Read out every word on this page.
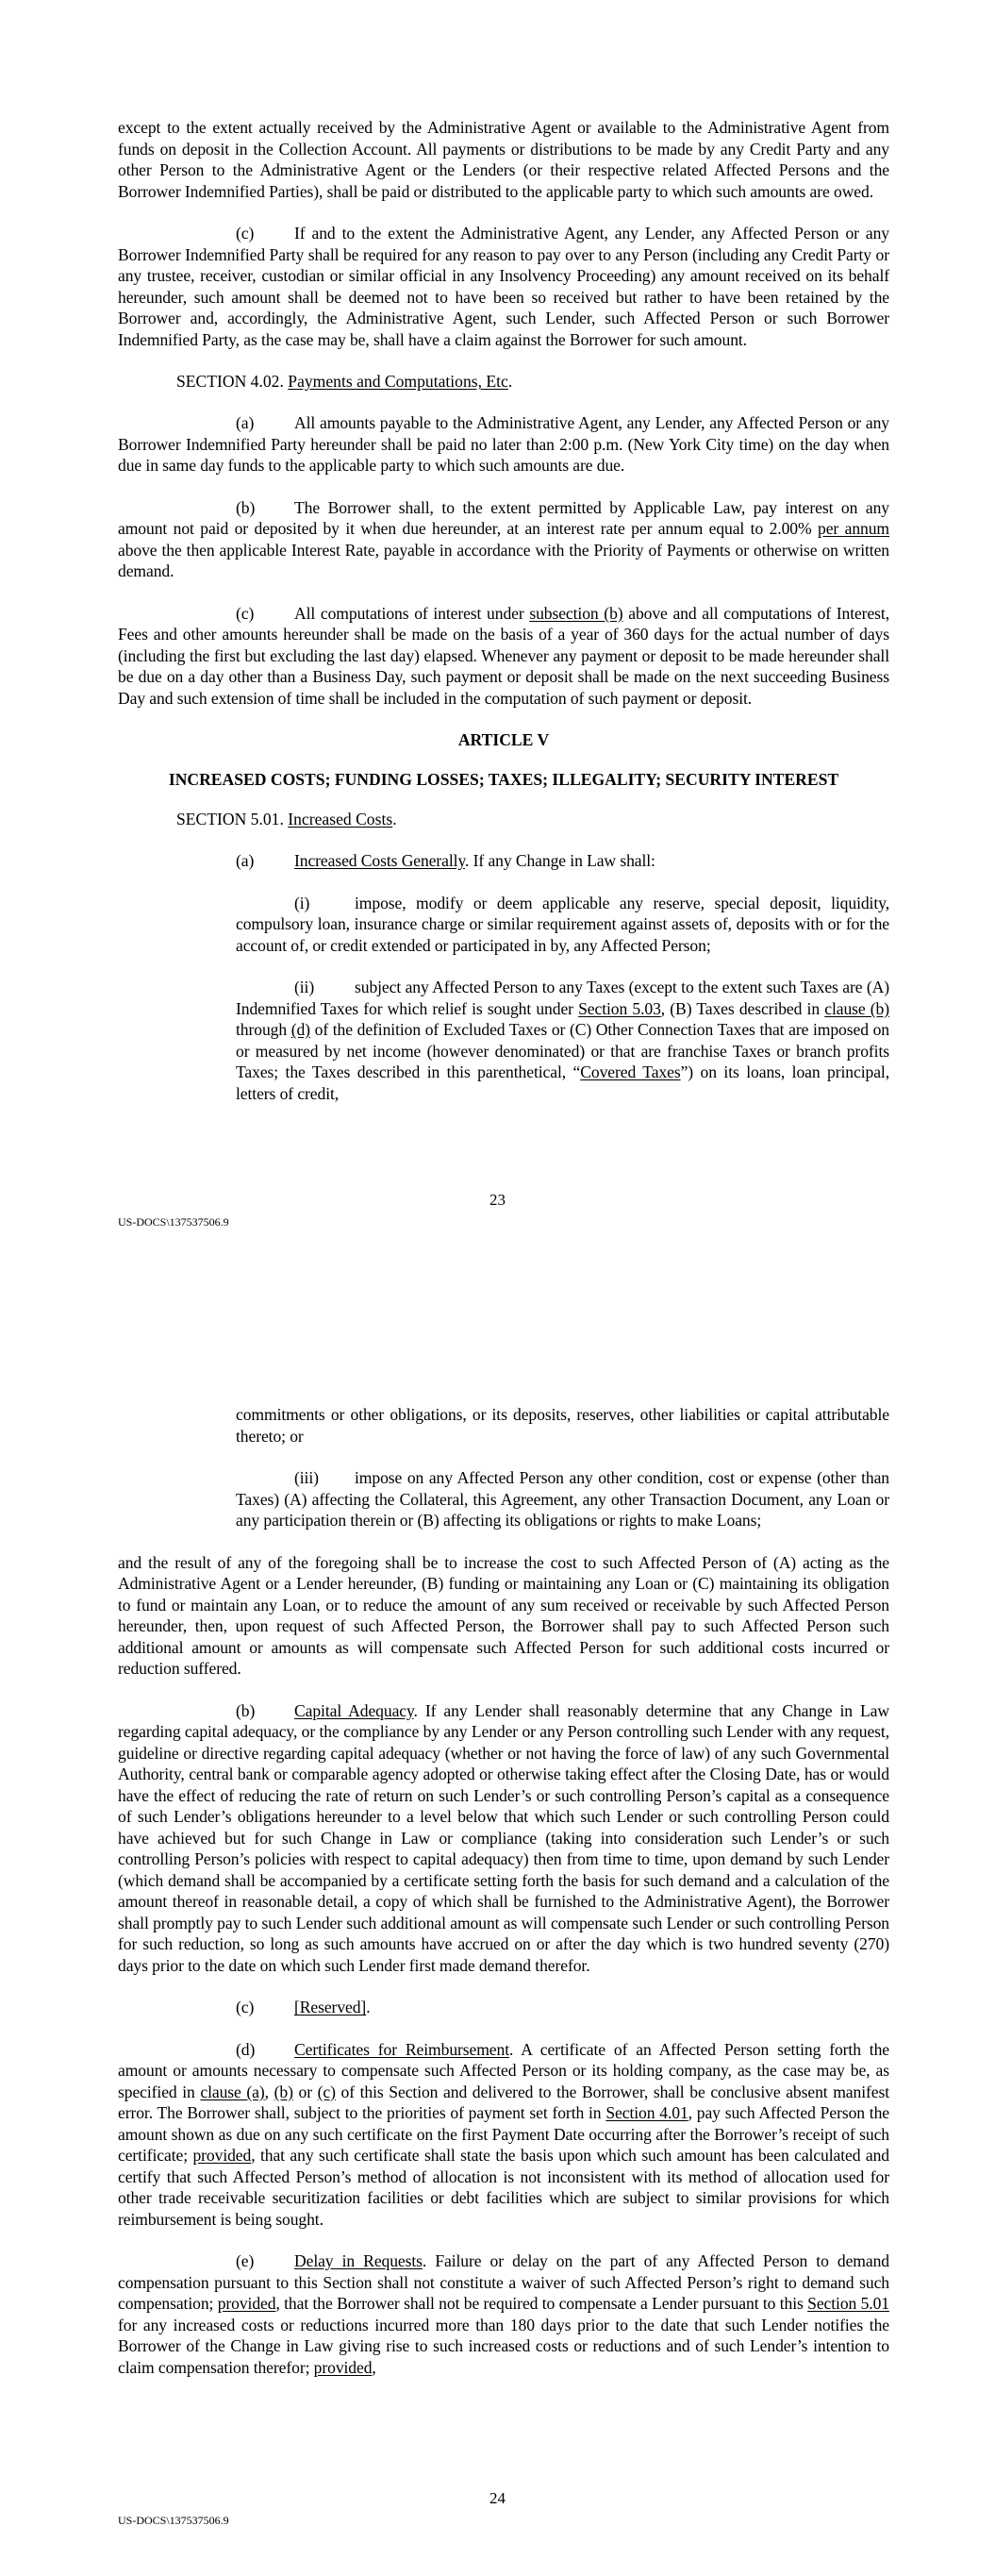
except to the extent actually received by the Administrative Agent or available to the Administrative Agent from funds on deposit in the Collection Account. All payments or distributions to be made by any Credit Party and any other Person to the Administrative Agent or the Lenders (or their respective related Affected Persons and the Borrower Indemnified Parties), shall be paid or distributed to the applicable party to which such amounts are owed.
(c) If and to the extent the Administrative Agent, any Lender, any Affected Person or any Borrower Indemnified Party shall be required for any reason to pay over to any Person (including any Credit Party or any trustee, receiver, custodian or similar official in any Insolvency Proceeding) any amount received on its behalf hereunder, such amount shall be deemed not to have been so received but rather to have been retained by the Borrower and, accordingly, the Administrative Agent, such Lender, such Affected Person or such Borrower Indemnified Party, as the case may be, shall have a claim against the Borrower for such amount.
SECTION 4.02. Payments and Computations, Etc.
(a) All amounts payable to the Administrative Agent, any Lender, any Affected Person or any Borrower Indemnified Party hereunder shall be paid no later than 2:00 p.m. (New York City time) on the day when due in same day funds to the applicable party to which such amounts are due.
(b) The Borrower shall, to the extent permitted by Applicable Law, pay interest on any amount not paid or deposited by it when due hereunder, at an interest rate per annum equal to 2.00% per annum above the then applicable Interest Rate, payable in accordance with the Priority of Payments or otherwise on written demand.
(c) All computations of interest under subsection (b) above and all computations of Interest, Fees and other amounts hereunder shall be made on the basis of a year of 360 days for the actual number of days (including the first but excluding the last day) elapsed. Whenever any payment or deposit to be made hereunder shall be due on a day other than a Business Day, such payment or deposit shall be made on the next succeeding Business Day and such extension of time shall be included in the computation of such payment or deposit.
ARTICLE V
INCREASED COSTS; FUNDING LOSSES; TAXES; ILLEGALITY; SECURITY INTEREST
SECTION 5.01. Increased Costs.
(a) Increased Costs Generally. If any Change in Law shall:
(i)	impose, modify or deem applicable any reserve, special deposit, liquidity, compulsory loan, insurance charge or similar requirement against assets of, deposits with or for the account of, or credit extended or participated in by, any Affected Person;
(ii) subject any Affected Person to any Taxes (except to the extent such Taxes are (A) Indemnified Taxes for which relief is sought under Section 5.03, (B) Taxes described in clause (b) through (d) of the definition of Excluded Taxes or (C) Other Connection Taxes that are imposed on or measured by net income (however denominated) or that are franchise Taxes or branch profits Taxes; the Taxes described in this parenthetical, “Covered Taxes”) on its loans, loan principal, letters of credit,
23
US-DOCS\137537506.9
commitments or other obligations, or its deposits, reserves, other liabilities or capital attributable thereto; or
(iii) impose on any Affected Person any other condition, cost or expense (other than Taxes) (A) affecting the Collateral, this Agreement, any other Transaction Document, any Loan or any participation therein or (B) affecting its obligations or rights to make Loans;
and the result of any of the foregoing shall be to increase the cost to such Affected Person of (A) acting as the Administrative Agent or a Lender hereunder, (B) funding or maintaining any Loan or (C) maintaining its obligation to fund or maintain any Loan, or to reduce the amount of any sum received or receivable by such Affected Person hereunder, then, upon request of such Affected Person, the Borrower shall pay to such Affected Person such additional amount or amounts as will compensate such Affected Person for such additional costs incurred or reduction suffered.
(b) Capital Adequacy. If any Lender shall reasonably determine that any Change in Law regarding capital adequacy, or the compliance by any Lender or any Person controlling such Lender with any request, guideline or directive regarding capital adequacy (whether or not having the force of law) of any such Governmental Authority, central bank or comparable agency adopted or otherwise taking effect after the Closing Date, has or would have the effect of reducing the rate of return on such Lender’s or such controlling Person’s capital as a consequence of such Lender’s obligations hereunder to a level below that which such Lender or such controlling Person could have achieved but for such Change in Law or compliance (taking into consideration such Lender’s or such controlling Person’s policies with respect to capital adequacy) then from time to time, upon demand by such Lender (which demand shall be accompanied by a certificate setting forth the basis for such demand and a calculation of the amount thereof in reasonable detail, a copy of which shall be furnished to the Administrative Agent), the Borrower shall promptly pay to such Lender such additional amount as will compensate such Lender or such controlling Person for such reduction, so long as such amounts have accrued on or after the day which is two hundred seventy (270) days prior to the date on which such Lender first made demand therefor.
(c) [Reserved].
(d) Certificates for Reimbursement. A certificate of an Affected Person setting forth the amount or amounts necessary to compensate such Affected Person or its holding company, as the case may be, as specified in clause (a), (b) or (c) of this Section and delivered to the Borrower, shall be conclusive absent manifest error. The Borrower shall, subject to the priorities of payment set forth in Section 4.01, pay such Affected Person the amount shown as due on any such certificate on the first Payment Date occurring after the Borrower’s receipt of such certificate; provided, that any such certificate shall state the basis upon which such amount has been calculated and certify that such Affected Person’s method of allocation is not inconsistent with its method of allocation used for other trade receivable securitization facilities or debt facilities which are subject to similar provisions for which reimbursement is being sought.
(e) Delay in Requests. Failure or delay on the part of any Affected Person to demand compensation pursuant to this Section shall not constitute a waiver of such Affected Person’s right to demand such compensation; provided, that the Borrower shall not be required to compensate a Lender pursuant to this Section 5.01 for any increased costs or reductions incurred more than 180 days prior to the date that such Lender notifies the Borrower of the Change in Law giving rise to such increased costs or reductions and of such Lender’s intention to claim compensation therefor; provided,
24
US-DOCS\137537506.9
